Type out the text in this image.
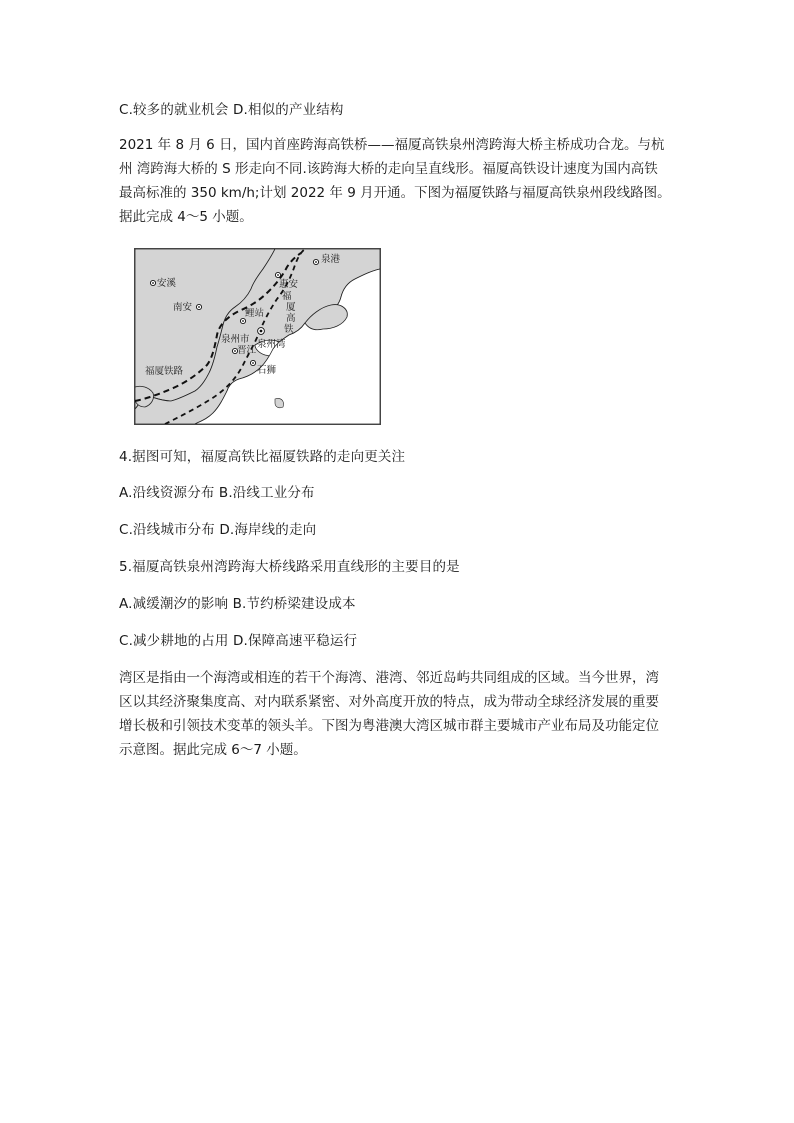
C.较多的就业机会 D.相似的产业结构
2021 年 8 月 6 日，国内首座跨海高铁桥——福厦高铁泉州湾跨海大桥主桥成功合龙。与杭
州 湾跨海大桥的 S 形走向不同.该跨海大桥的走向呈直线形。福厦高铁设计速度为国内高铁
最高标准的 350 km/h;计划 2022 年 9 月开通。下图为福厦铁路与福厦高铁泉州段线路图。
据此完成 4～5 小题。
安溪
南安
泉港
惠安
鲤站
泉州市
晋江
石狮
泉州湾
福
厦
高
铁
福厦铁路
4.据图可知，福厦高铁比福厦铁路的走向更关注
A.沿线资源分布 B.沿线工业分布
C.沿线城市分布 D.海岸线的走向
5.福厦高铁泉州湾跨海大桥线路采用直线形的主要目的是
A.减缓潮汐的影响 B.节约桥梁建设成本
C.减少耕地的占用 D.保障高速平稳运行
湾区是指由一个海湾或相连的若干个海湾、港湾、邻近岛屿共同组成的区域。当今世界，湾
区以其经济聚集度高、对内联系紧密、对外高度开放的特点，成为带动全球经济发展的重要
增长极和引领技术变革的领头羊。下图为粤港澳大湾区城市群主要城市产业布局及功能定位
示意图。据此完成 6～7 小题。
